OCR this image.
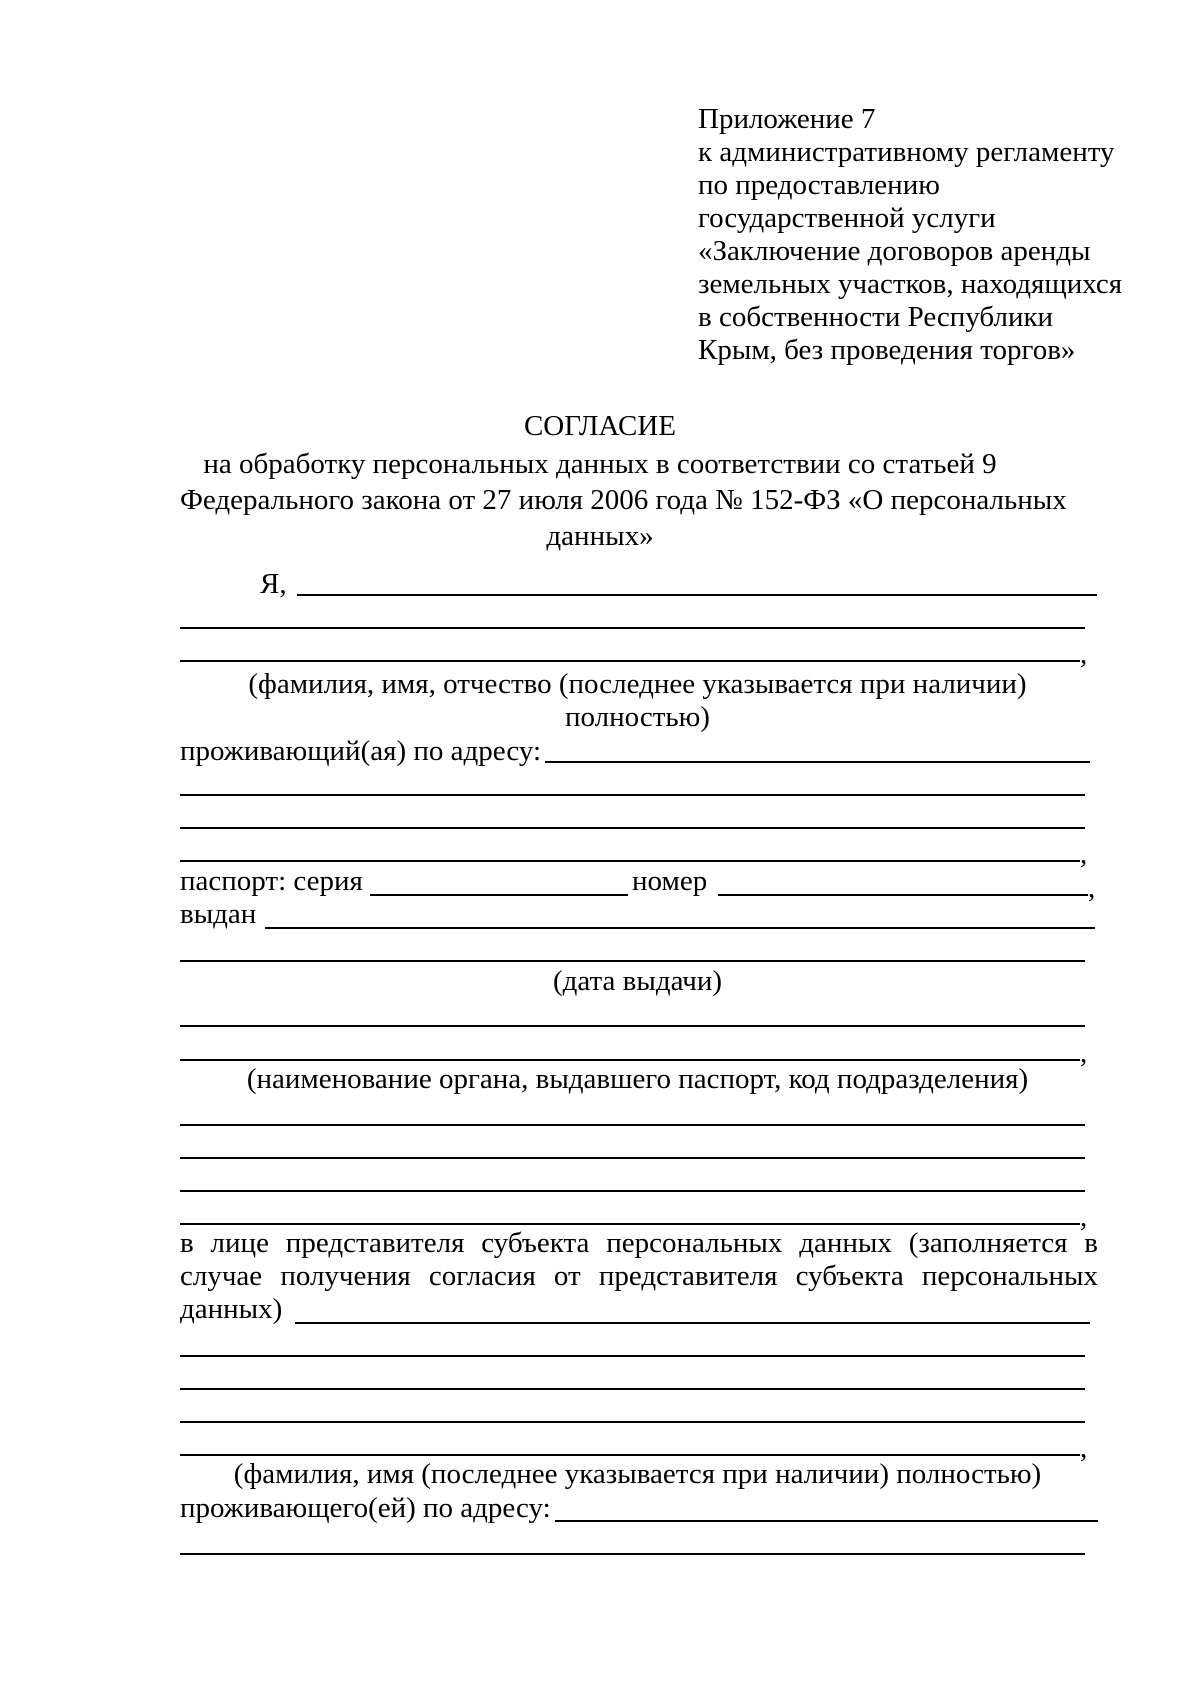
Приложение 7
к административному регламенту
по предоставлению
государственной услуги
«Заключение договоров аренды
земельных участков, находящихся
в собственности Республики
Крым, без проведения торгов»
СОГЛАСИЕ
на обработку персональных данных в соответствии со статьей 9
Федерального закона от 27 июля 2006 года № 152-ФЗ «О персональных
данных»
Я,
,
(фамилия, имя, отчество (последнее указывается при наличии)
полностью)
проживающий(ая) по адресу:
,
паспорт: серия	номер	,
выдан
(дата выдачи)
,
(наименование органа, выдавшего паспорт, код подразделения)
,
в лице представителя субъекта персональных данных (заполняется в
случае получения согласия от представителя субъекта персональных
данных)
,
(фамилия, имя (последнее указывается при наличии) полностью)
проживающего(ей) по адресу:
